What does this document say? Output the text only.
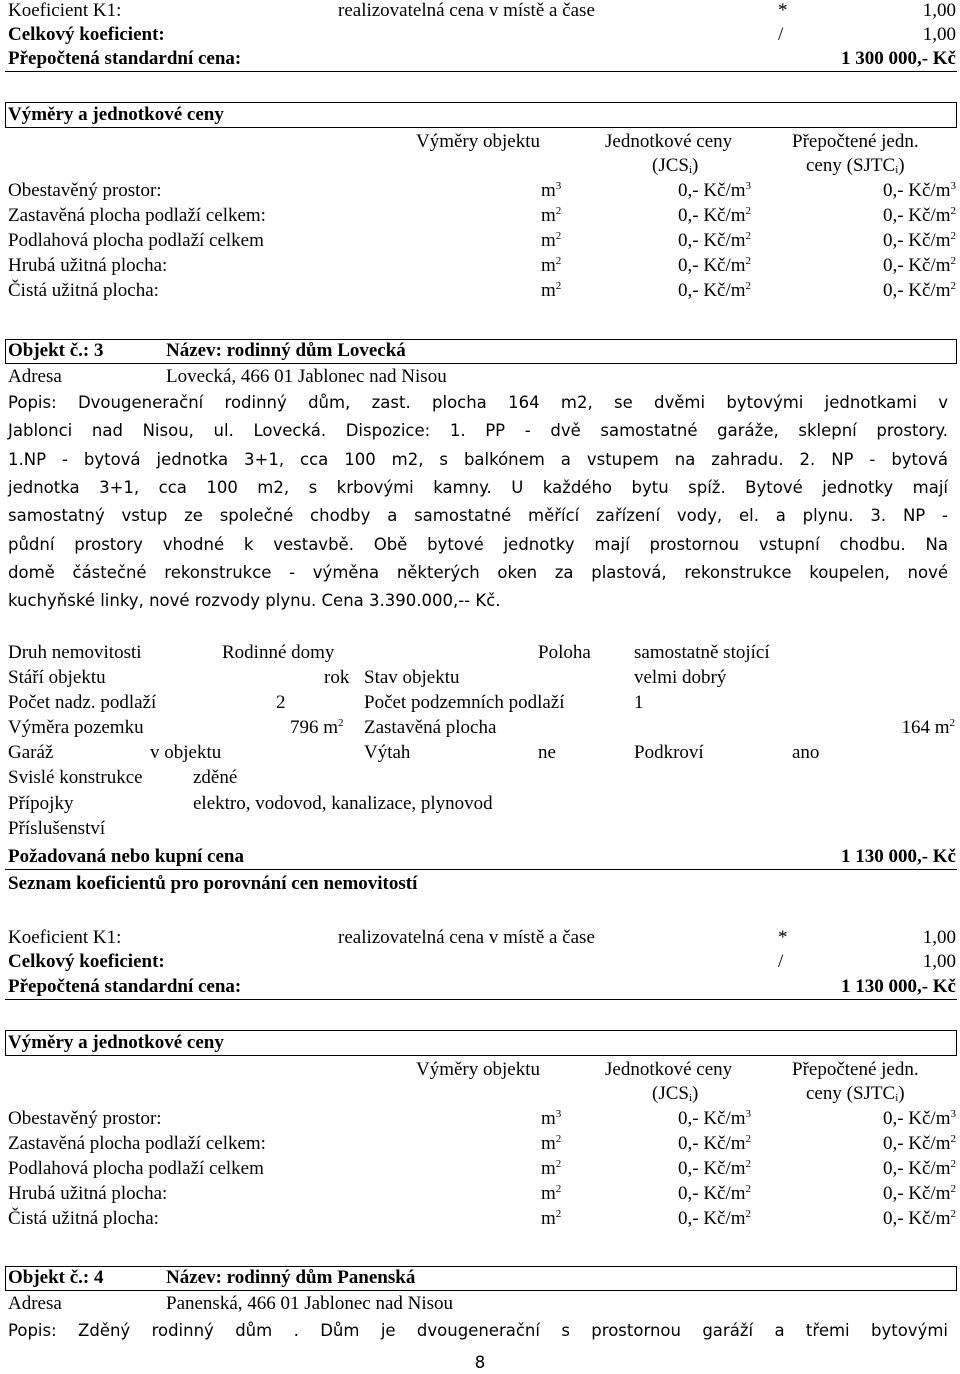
Koeficient K1:	realizovatelná cena v místě a čase	*	1,00
Celkový koeficient:	/	1,00
Přepočtená standardní cena:	1 300 000,- Kč
Výměry a jednotkové ceny
Výměry objektu	Jednotkové ceny	Přepočtené jedn.
$(JCS_i)$	ceny $(SJTC_i)$
Obestavěný prostor:	$m^3$	0,- $Kč/m^3$	0,- $Kč/m^3$
Zastavěná plocha podlaží celkem:	$m^2$	0,- $Kč/m^2$	0,- $Kč/m^2$
Podlahová plocha podlaží celkem	$m^2$	0,- $Kč/m^2$	0,- $Kč/m^2$
Hrubá užitná plocha:	$m^2$	0,- $Kč/m^2$	0,- $Kč/m^2$
Čistá užitná plocha:	$m^2$	0,- $Kč/m^2$	0,- $Kč/m^2$
Objekt č.: 3	Název: rodinný dům Lovecká
Adresa	Lovecká, 466 01 Jablonec nad Nisou
Popis: Dvougenerační rodinný dům, zast. plocha 164 m2, se dvěmi bytovými jednotkami v
Jablonci nad Nisou, ul. Lovecká. Dispozice: 1. PP - dvě samostatné garáže, sklepní prostory.
1.NP - bytová jednotka 3+1, cca 100 m2, s balkónem a vstupem na zahradu. 2. NP - bytová
jednotka 3+1, cca 100 m2, s krbovými kamny. U každého bytu spíž. Bytové jednotky mají
samostatný vstup ze společné chodby a samostatné měřící zařízení vody, el. a plynu. 3. NP -
půdní prostory vhodné k vestavbě. Obě bytové jednotky mají prostornou vstupní chodbu. Na
domě částečné rekonstrukce - výměna některých oken za plastová, rekonstrukce koupelen, nové
kuchyňské linky, nové rozvody plynu. Cena 3.390.000,-- Kč.
Druh nemovitosti	Rodinné domy	Poloha samostatně stojící
Stáří objektu	rok Stav objektu	velmi dobrý
Počet nadz. podlaží	2	Počet podzemních podlaží	1
Výměra pozemku	796 $m^2$ Zastavěná plocha	164 $m^2$
Garáž	v objektu	Výtah	ne	Podkroví	ano
Svislé konstrukce	zděné
Přípojky	elektro, vodovod, kanalizace, plynovod
Příslušenství
Požadovaná nebo kupní cena	1 130 000,- Kč
Seznam koeficientů pro porovnání cen nemovitostí
Koeficient K1:	realizovatelná cena v místě a čase	*	1,00
Celkový koeficient:	/	1,00
Přepočtená standardní cena:	1 130 000,- Kč
Výměry a jednotkové ceny
Výměry objektu	Jednotkové ceny	Přepočtené jedn.
$(JCS_i)$	ceny $(SJTC_i)$
Obestavěný prostor:	$m^3$	0,- $Kč/m^3$	0,- $Kč/m^3$
Zastavěná plocha podlaží celkem:	$m^2$	0,- $Kč/m^2$	0,- $Kč/m^2$
Podlahová plocha podlaží celkem	$m^2$	0,- $Kč/m^2$	0,- $Kč/m^2$
Hrubá užitná plocha:	$m^2$	0,- $Kč/m^2$	0,- $Kč/m^2$
Čistá užitná plocha:	$m^2$	0,- $Kč/m^2$	0,- $Kč/m^2$
Objekt č.: 4	Název: rodinný dům Panenská
Adresa	Panenská, 466 01 Jablonec nad Nisou
Popis: Zděný rodinný dům . Dům je dvougenerační s prostornou garáží a třemi bytovými
8
